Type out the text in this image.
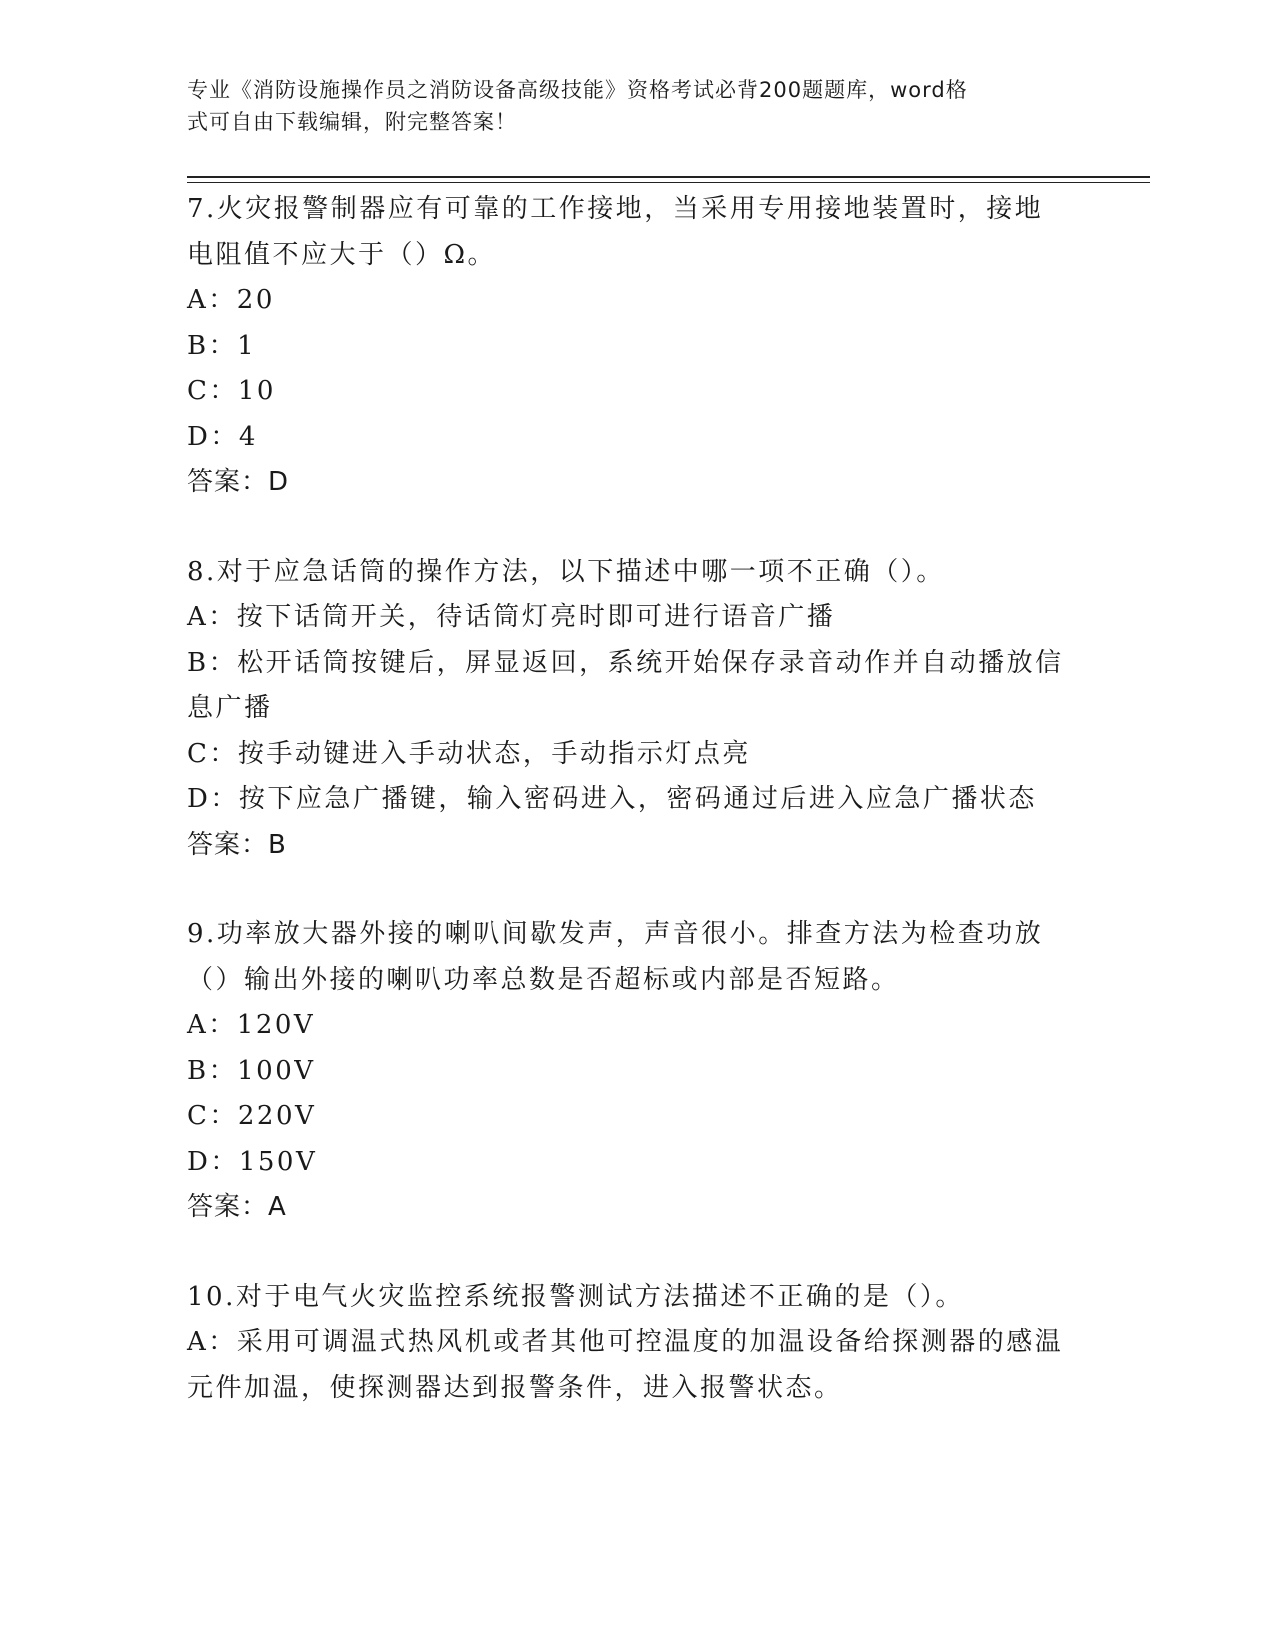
专业《消防设施操作员之消防设备高级技能》资格考试必背200题题库，word格
式可自由下载编辑，附完整答案！

7.火灾报警制器应有可靠的工作接地，当采用专用接地装置时，接地

电阻值不应大于（）Ω。

A：20

B：1

C：10

D：4

答案：D

8.对于应急话筒的操作方法，以下描述中哪一项不正确（）。

A：按下话筒开关，待话筒灯亮时即可进行语音广播

B：松开话筒按键后，屏显返回，系统开始保存录音动作并自动播放信

息广播

C：按手动键进入手动状态，手动指示灯点亮

D：按下应急广播键，输入密码进入，密码通过后进入应急广播状态

答案：B

9.功率放大器外接的喇叭间歇发声，声音很小。排查方法为检查功放

（）输出外接的喇叭功率总数是否超标或内部是否短路。

A：120V

B：100V

C：220V

D：150V

答案：A

10.对于电气火灾监控系统报警测试方法描述不正确的是（）。

A：采用可调温式热风机或者其他可控温度的加温设备给探测器的感温

元件加温，使探测器达到报警条件，进入报警状态。
